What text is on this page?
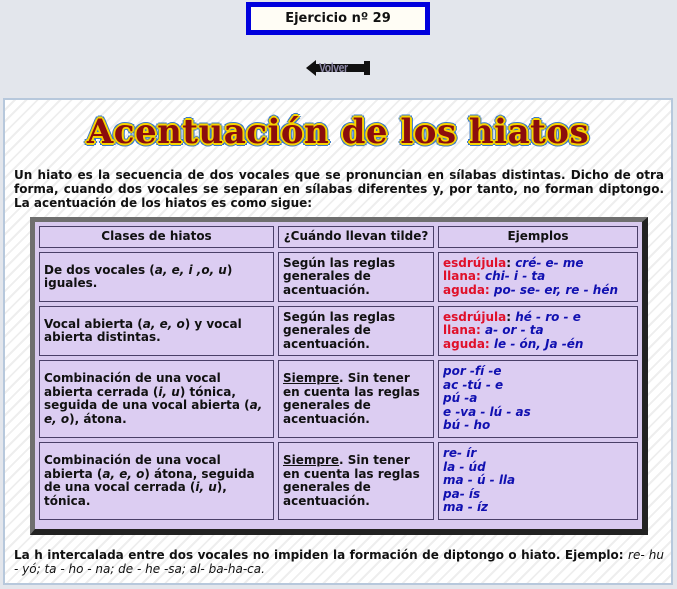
Ejercicio nº 29
Volver
Acentuación de los hiatos
Un hiato es la secuencia de dos vocales que se pronuncian en sílabas distintas. Dicho de otra forma, cuando dos vocales se separan en sílabas diferentes y, por tanto, no forman diptongo. La acentuación de los hiatos es como sigue:
Clases de hiatos	¿Cuándo llevan tilde?	Ejemplos
De dos vocales (a, e, i ,o, u) iguales.	Según las reglas generales de acentuación.	esdrújula: cré- e- me
llana: chi- i - ta
aguda: po- se- er, re - hén

Vocal abierta (a, e, o) y vocal abierta distintas.	Según las reglas generales de acentuación.	esdrújula: hé - ro - e
llana: a- or - ta
aguda: le - ón, Ja -én

Combinación de una vocal abierta cerrada (i, u) tónica, seguida de una vocal abierta (a, e, o), átona.	Siempre. Sin tener en cuenta las reglas generales de acentuación.	por -fí -e
ac -tú - e
pú -a
e -va - lú - as
bú - ho

Combinación de una vocal abierta (a, e, o) átona, seguida de una vocal cerrada (i, u), tónica.	Siempre. Sin tener en cuenta las reglas generales de acentuación.	re- ír
la - úd
ma - ú - lla
pa- ís
ma - íz
La h intercalada entre dos vocales no impiden la formación de diptongo o hiato. Ejemplo: re- hu - yó; ta - ho - na; de - he -sa; al- ba-ha-ca.
